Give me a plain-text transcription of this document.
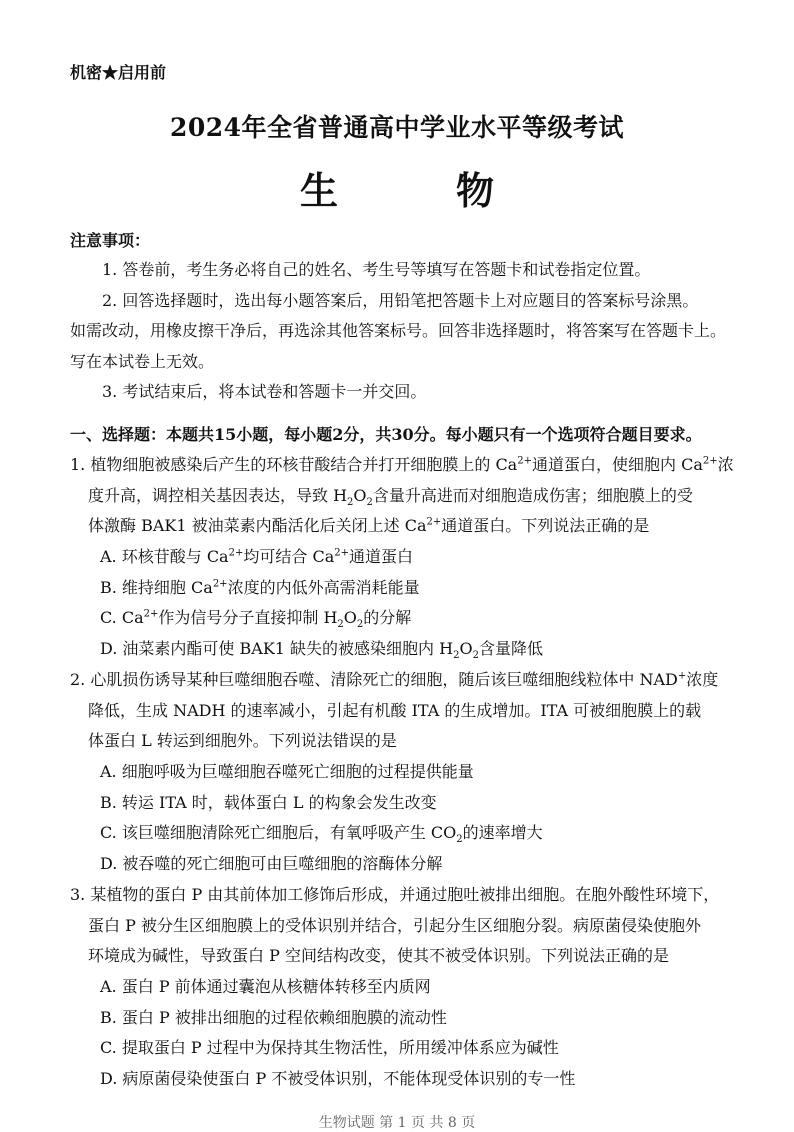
机密★启用前
2024年全省普通高中学业水平等级考试
生　物
注意事项：
1. 答卷前，考生务必将自己的姓名、考生号等填写在答题卡和试卷指定位置。
2. 回答选择题时，选出每小题答案后，用铅笔把答题卡上对应题目的答案标号涂黑。
如需改动，用橡皮擦干净后，再选涂其他答案标号。回答非选择题时，将答案写在答题卡上。
写在本试卷上无效。
3. 考试结束后，将本试卷和答题卡一并交回。
一、选择题：本题共15小题，每小题2分，共30分。每小题只有一个选项符合题目要求。
1. 植物细胞被感染后产生的环核苷酸结合并打开细胞膜上的 $Ca^{2+}$通道蛋白，使细胞内 $Ca^{2+}$浓
度升高，调控相关基因表达，导致 $H_2O_2$含量升高进而对细胞造成伤害；细胞膜上的受
体激酶 BAK1 被油菜素内酯活化后关闭上述 $Ca^{2+}$通道蛋白。下列说法正确的是
A. 环核苷酸与 $Ca^{2+}$均可结合 $Ca^{2+}$通道蛋白
B. 维持细胞 $Ca^{2+}$浓度的内低外高需消耗能量
C. $Ca^{2+}$作为信号分子直接抑制 $H_2O_2$的分解
D. 油菜素内酯可使 BAK1 缺失的被感染细胞内 $H_2O_2$含量降低
2. 心肌损伤诱导某种巨噬细胞吞噬、清除死亡的细胞，随后该巨噬细胞线粒体中 NAD+浓度
降低，生成 NADH 的速率减小，引起有机酸 ITA 的生成增加。ITA 可被细胞膜上的载
体蛋白 L 转运到细胞外。下列说法错误的是
A. 细胞呼吸为巨噬细胞吞噬死亡细胞的过程提供能量
B. 转运 ITA 时，载体蛋白 L 的构象会发生改变
C. 该巨噬细胞清除死亡细胞后，有氧呼吸产生 $CO_2$的速率增大
D. 被吞噬的死亡细胞可由巨噬细胞的溶酶体分解
3. 某植物的蛋白 P 由其前体加工修饰后形成，并通过胞吐被排出细胞。在胞外酸性环境下，
蛋白 P 被分生区细胞膜上的受体识别并结合，引起分生区细胞分裂。病原菌侵染使胞外
环境成为碱性，导致蛋白 P 空间结构改变，使其不被受体识别。下列说法正确的是
A. 蛋白 P 前体通过囊泡从核糖体转移至内质网
B. 蛋白 P 被排出细胞的过程依赖细胞膜的流动性
C. 提取蛋白 P 过程中为保持其生物活性，所用缓冲体系应为碱性
D. 病原菌侵染使蛋白 P 不被受体识别，不能体现受体识别的专一性
生物试题 第 1 页 共 8 页
